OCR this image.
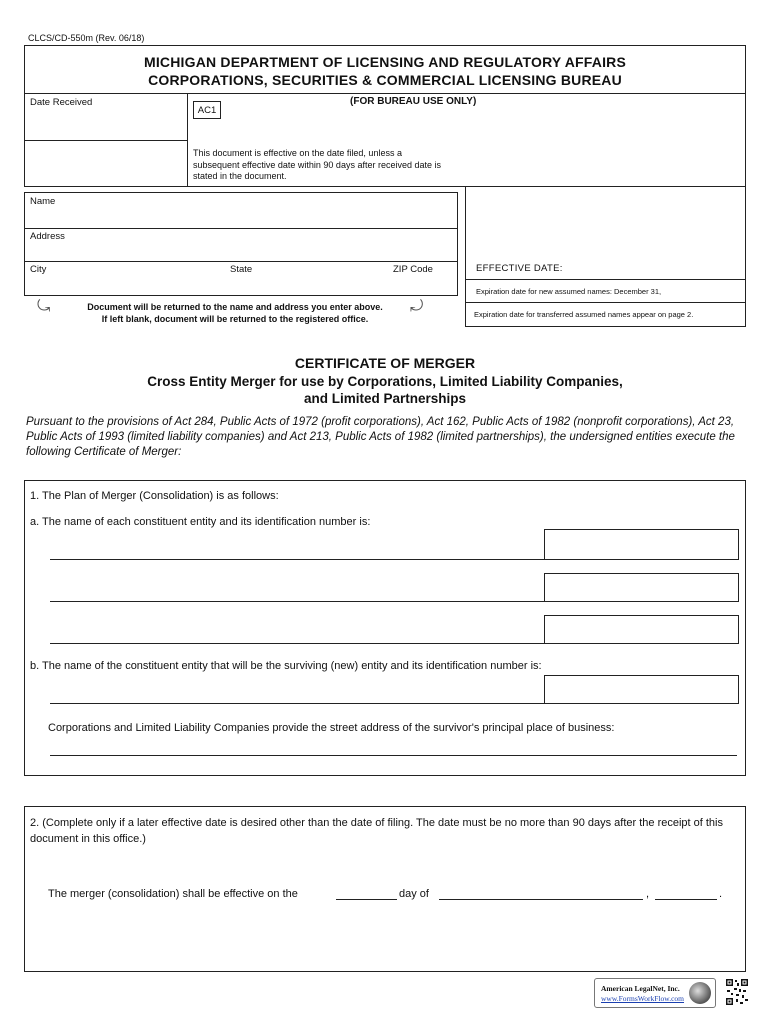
CLCS/CD-550m (Rev. 06/18)
MICHIGAN DEPARTMENT OF LICENSING AND REGULATORY AFFAIRS
CORPORATIONS, SECURITIES & COMMERCIAL LICENSING BUREAU
Date Received	(FOR BUREAU USE ONLY)
AC1
This document is effective on the date filed, unless a subsequent effective date within 90 days after received date is stated in the document.
EFFECTIVE DATE:
Expiration date for new assumed names: December 31,
Expiration date for transferred assumed names appear on page 2.
Name
Address
City	State	ZIP Code
⤿	⤾
Document will be returned to the name and address you enter above.
If left blank, document will be returned to the registered office.
CERTIFICATE OF MERGER
Cross Entity Merger for use by Corporations, Limited Liability Companies,
and Limited Partnerships
Pursuant to the provisions of Act 284, Public Acts of 1972 (profit corporations), Act 162, Public Acts of 1982 (nonprofit corporations), Act 23, Public Acts of 1993 (limited liability companies) and Act 213, Public Acts of 1982 (limited partnerships), the undersigned entities execute the following Certificate of Merger:
1. The Plan of Merger (Consolidation) is as follows:
a. The name of each constituent entity and its identification number is:
b. The name of the constituent entity that will be the surviving (new) entity and its identification number is:
Corporations and Limited Liability Companies provide the street address of the survivor's principal place of business:
2. (Complete only if a later effective date is desired other than the date of filing. The date must be no more than 90 days after the receipt of this document in this office.)
The merger (consolidation) shall be effective on the	day of	,	.
American LegalNet, Inc.
www.FormsWorkFlow.com
